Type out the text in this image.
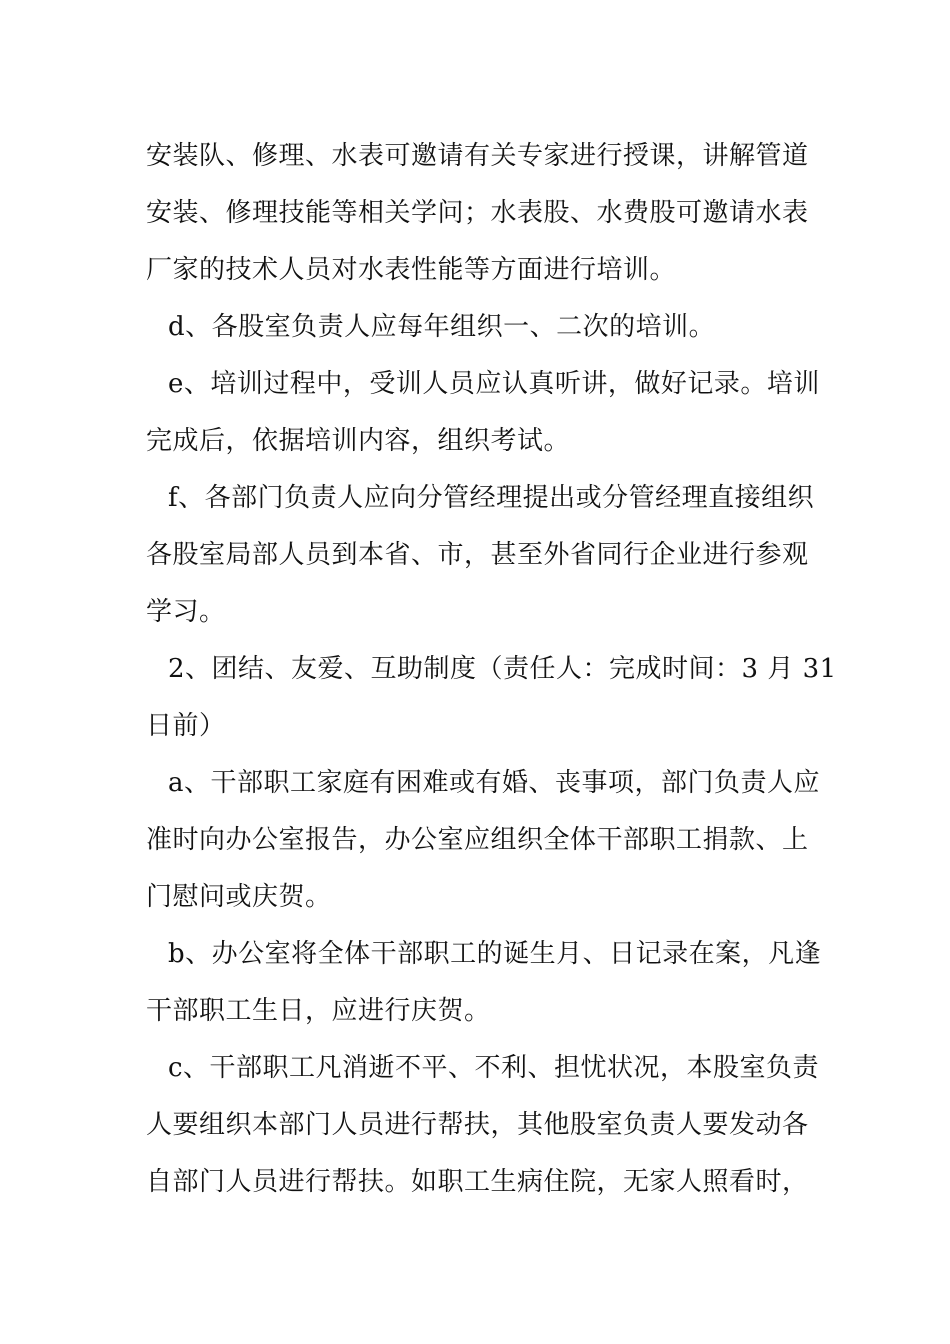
安装队、修理、水表可邀请有关专家进行授课，讲解管道
安装、修理技能等相关学问；水表股、水费股可邀请水表
厂家的技术人员对水表性能等方面进行培训。
d、各股室负责人应每年组织一、二次的培训。
e、培训过程中，受训人员应认真听讲，做好记录。培训
完成后，依据培训内容，组织考试。
f、各部门负责人应向分管经理提出或分管经理直接组织
各股室局部人员到本省、市，甚至外省同行企业进行参观
学习。
2、团结、友爱、互助制度（责任人：完成时间：3 月 31
日前）
a、干部职工家庭有困难或有婚、丧事项，部门负责人应
准时向办公室报告，办公室应组织全体干部职工捐款、上
门慰问或庆贺。
b、办公室将全体干部职工的诞生月、日记录在案，凡逢
干部职工生日，应进行庆贺。
c、干部职工凡消逝不平、不利、担忧状况，本股室负责
人要组织本部门人员进行帮扶，其他股室负责人要发动各
自部门人员进行帮扶。如职工生病住院，无家人照看时，
